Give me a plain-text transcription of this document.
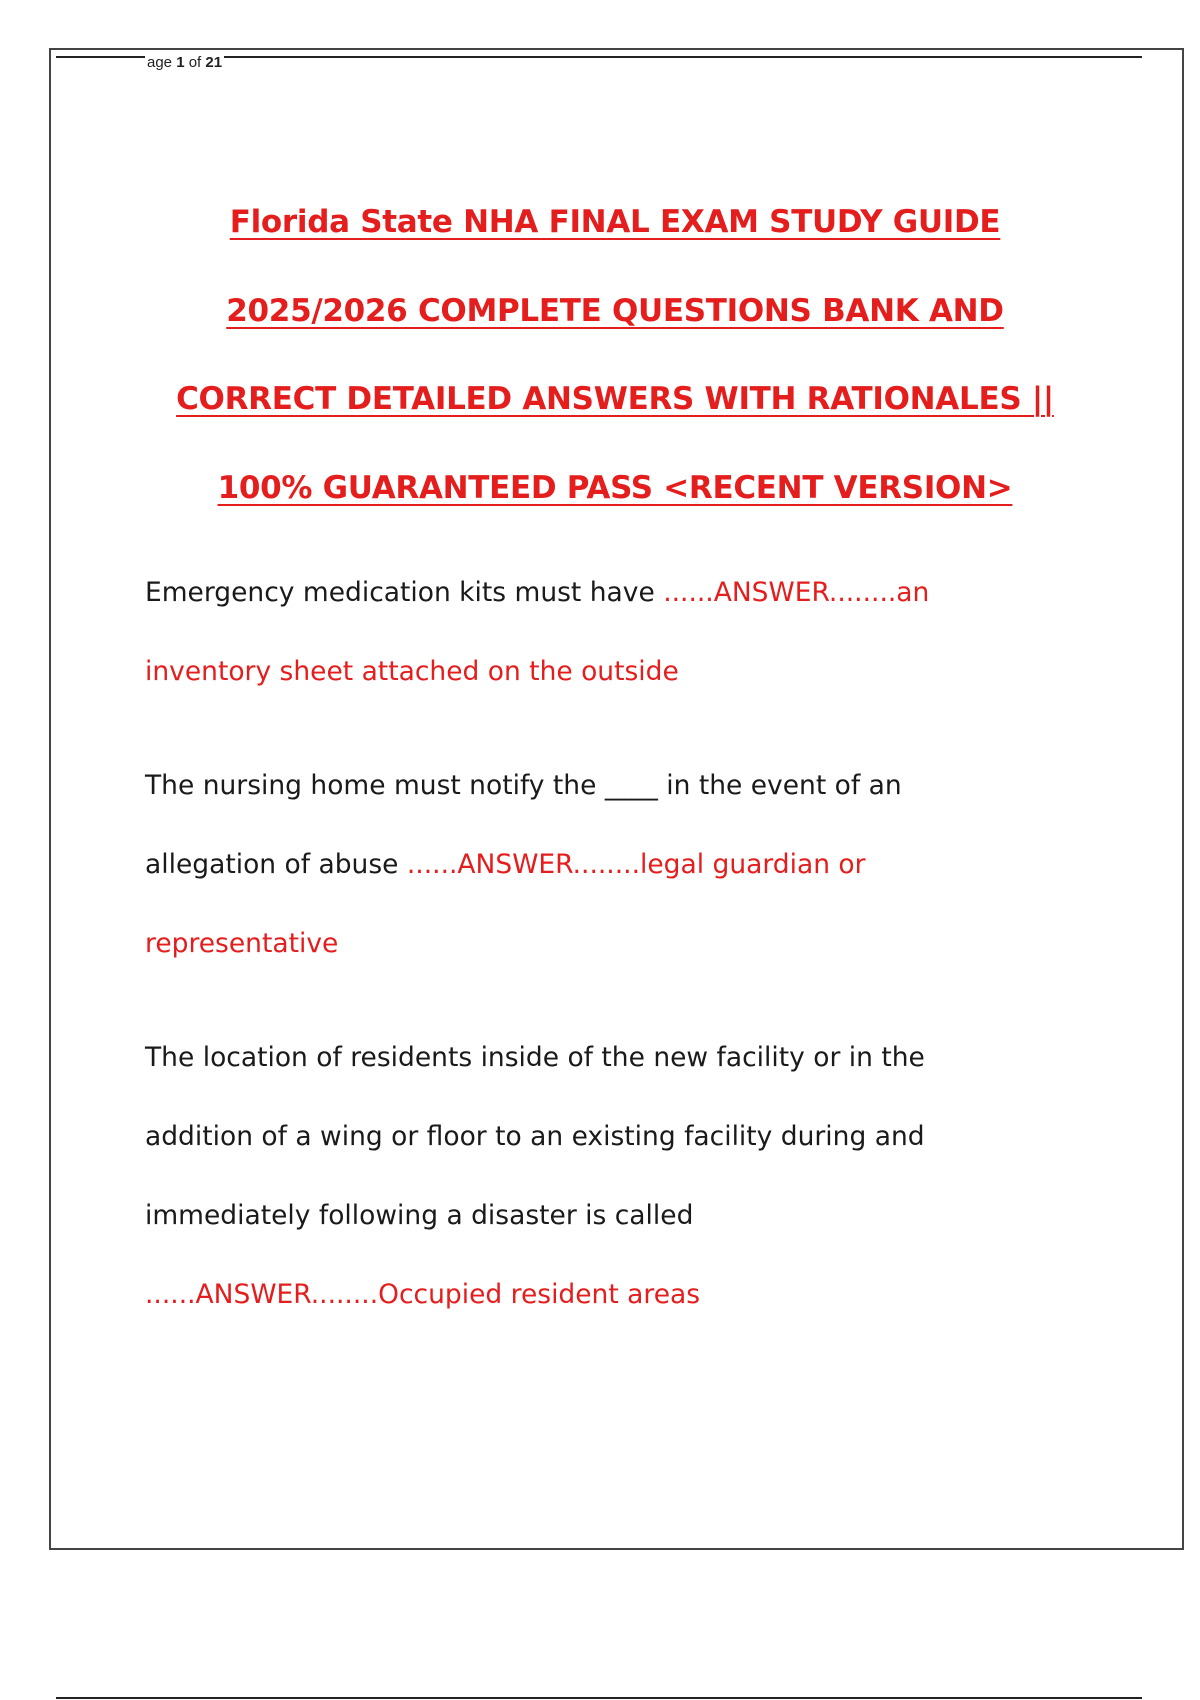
age 1 of 21
Florida State NHA FINAL EXAM STUDY GUIDE
2025/2026 COMPLETE QUESTIONS BANK AND
CORRECT DETAILED ANSWERS WITH RATIONALES ||
100% GUARANTEED PASS <RECENT VERSION>
Emergency medication kits must have ......ANSWER........an
inventory sheet attached on the outside
The nursing home must notify the ____ in the event of an
allegation of abuse ......ANSWER........legal guardian or
representative
The location of residents inside of the new facility or in the
addition of a wing or floor to an existing facility during and
immediately following a disaster is called
......ANSWER........Occupied resident areas
